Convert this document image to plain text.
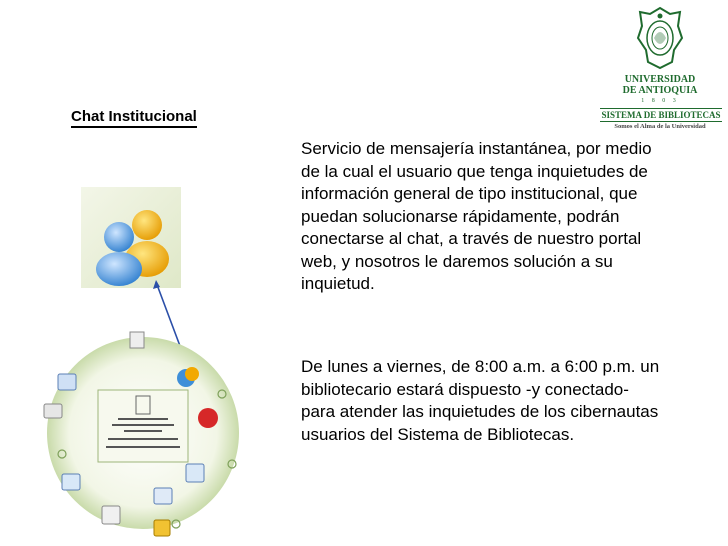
UNIVERSIDAD
DE ANTIOQUIA
1 8 0 3
SISTEMA DE BIBLIOTECAS
Somos el Alma de la Universidad
Chat Institucional
Servicio de mensajería instantánea, por medio de la cual el usuario que tenga inquietudes de información general de tipo institucional, que puedan solucionarse rápidamente, podrán conectarse al chat, a través de nuestro portal web, y nosotros le daremos solución a su inquietud.
De lunes a viernes, de 8:00 a.m. a 6:00 p.m. un bibliotecario estará dispuesto -y conectado- para atender las inquietudes de los cibernautas usuarios del Sistema de Bibliotecas.
